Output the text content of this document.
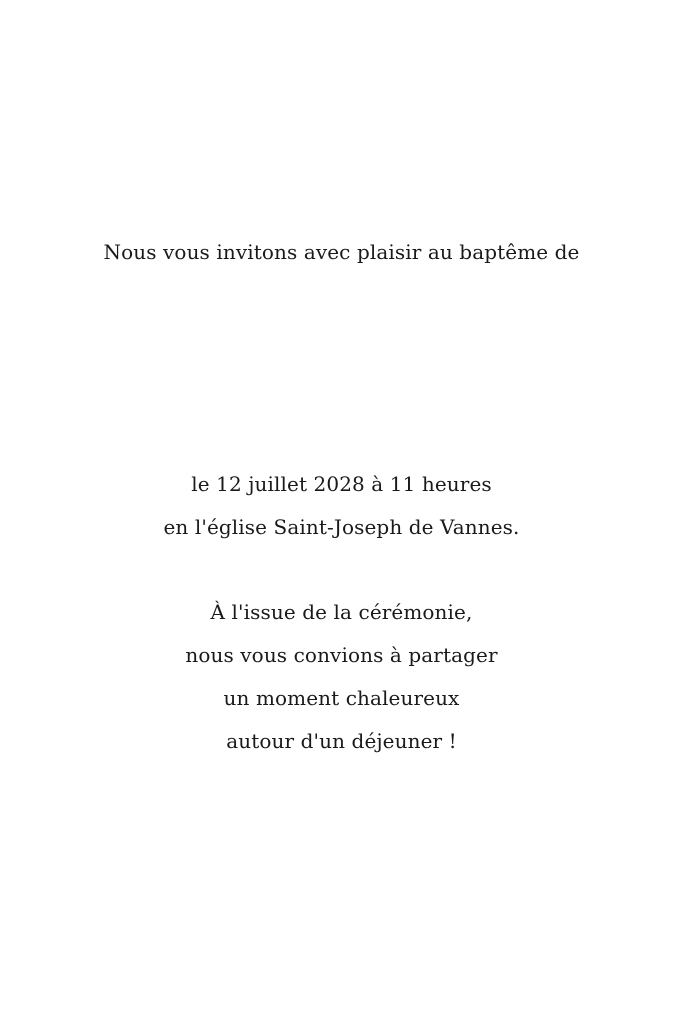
Nous vous invitons avec plaisir au baptême de
le 12 juillet 2028 à 11 heures
en l'église Saint-Joseph de Vannes.
À l'issue de la cérémonie,
nous vous convions à partager
un moment chaleureux
autour d'un déjeuner !
